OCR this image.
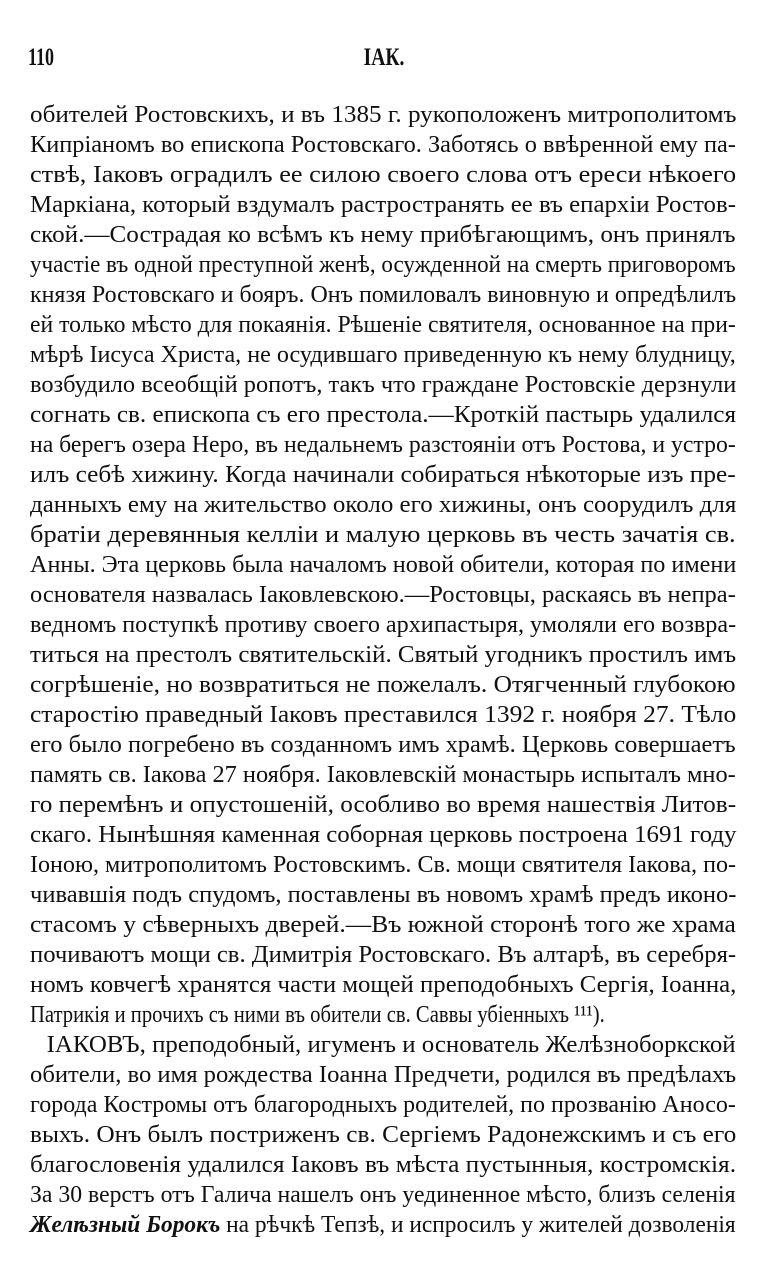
110	ІАК.
обителей Ростовскихъ, и въ 1385 г. рукоположенъ митрополитомъ
Кипріаномъ во епископа Ростовскаго. Заботясь о ввѣренной ему па-
ствѣ, Іаковъ оградилъ ее силою своего слова отъ ереси нѣкоего
Маркіана, который вздумалъ растространять ее въ епархіи Ростов-
ской.—Сострадая ко всѣмъ къ нему прибѣгающимъ, онъ принялъ
участіе въ одной преступной женѣ, осужденной на смерть приговоромъ
князя Ростовскаго и бояръ. Онъ помиловалъ виновную и опредѣлилъ
ей только мѣсто для покаянія. Рѣшеніе святителя, основанное на при-
мѣрѣ Іисуса Христа, не осудившаго приведенную къ нему блудницу,
возбудило всеобщій ропотъ, такъ что граждане Ростовскіе дерзнули
согнать св. епископа съ его престола.—Кроткій пастырь удалился
на берегъ озера Неро, въ недальнемъ разстояніи отъ Ростова, и устро-
илъ себѣ хижину. Когда начинали собираться нѣкоторые изъ пре-
данныхъ ему на жительство около его хижины, онъ соорудилъ для
братіи деревянныя келліи и малую церковь въ честь зачатія св.
Анны. Эта церковь была началомъ новой обители, которая по имени
основателя назвалась Іаковлевскою.—Ростовцы, раскаясь въ непра-
ведномъ поступкѣ противу своего архипастыря, умоляли его возвра-
титься на престолъ святительскій. Святый угодникъ простилъ имъ
согрѣшеніе, но возвратиться не пожелалъ. Отягченный глубокою
старостію праведный Іаковъ преставился 1392 г. ноября 27. Тѣло
его было погребено въ созданномъ имъ храмѣ. Церковь совершаетъ
память св. Іакова 27 ноября. Іаковлевскій монастырь испыталъ мно-
го перемѣнъ и опустошеній, особливо во время нашествія Литов-
скаго. Нынѣшняя каменная соборная церковь построена 1691 году
Іоною, митрополитомъ Ростовскимъ. Св. мощи святителя Іакова, по-
чивавшія подъ спудомъ, поставлены въ новомъ храмѣ предъ иконо-
стасомъ у сѣверныхъ дверей.—Въ южной сторонѣ того же храма
почиваютъ мощи св. Димитрія Ростовскаго. Въ алтарѣ, въ серебря-
номъ ковчегѣ хранятся части мощей преподобныхъ Сергія, Іоанна,
Патрикія и прочихъ съ ними въ обители св. Саввы убіенныхъ ¹¹¹).
ІАКОВЪ, преподобный, игуменъ и основатель Желѣзноборкской
обители, во имя рождества Іоанна Предчети, родился въ предѣлахъ
города Костромы отъ благородныхъ родителей, по прозванію Аносо-
выхъ. Онъ былъ постриженъ св. Сергіемъ Радонежскимъ и съ его
благословенія удалился Іаковъ въ мѣста пустынныя, костромскія.
За 30 верстъ отъ Галича нашелъ онъ уединенное мѣсто, близъ селенія
Желѣзный Борокъ на рѣчкѣ Тепзѣ, и испросилъ у жителей дозволенія
